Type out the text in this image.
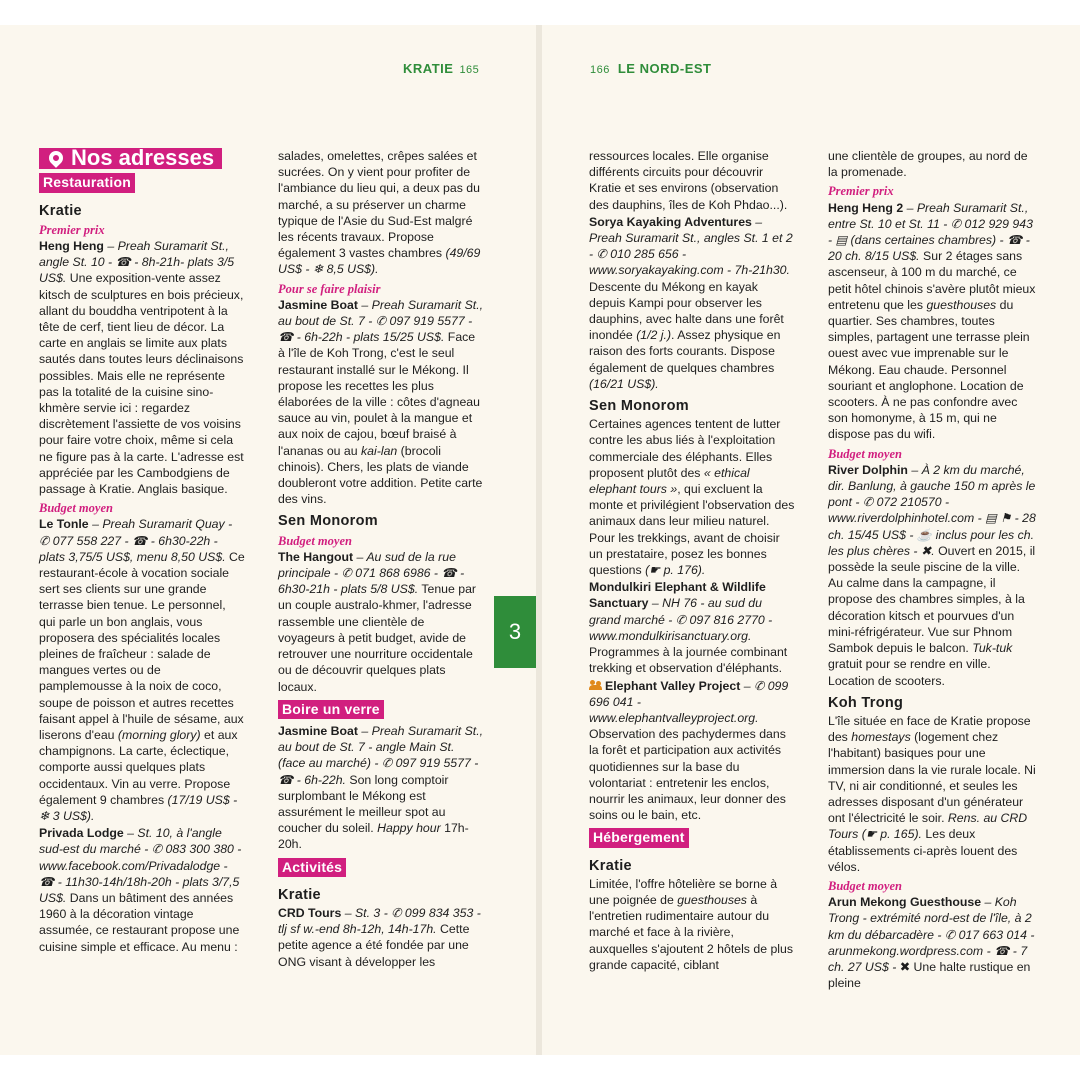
KRATIE 165	166 LE NORD-EST
3
Nos adresses
Restauration
Kratie
Premier prix

Heng Heng – Preah Suramarit St., angle St. 10 - ☎ - 8h-21h- plats 3/5 US$. Une exposition-vente assez kitsch de sculptures en bois précieux, allant du bouddha ventripotent à la tête de cerf, tient lieu de décor. La carte en anglais se limite aux plats sautés dans toutes leurs déclinaisons possibles. Mais elle ne représente pas la totalité de la cuisine sino-khmère servie ici : regardez discrètement l'assiette de vos voisins pour faire votre choix, même si cela ne figure pas à la carte. L'adresse est appréciée par les Cambodgiens de passage à Kratie. Anglais basique.

Budget moyen

Le Tonle – Preah Suramarit Quay - ✆ 077 558 227 - ☎ - 6h30-22h - plats 3,75/5 US$, menu 8,50 US$. Ce restaurant-école à vocation sociale sert ses clients sur une grande terrasse bien tenue. Le personnel, qui parle un bon anglais, vous proposera des spécialités locales pleines de fraîcheur : salade de mangues vertes ou de pamplemousse à la noix de coco, soupe de poisson et autres recettes faisant appel à l'huile de sésame, aux liserons d'eau (morning glory) et aux champignons. La carte, éclectique, comporte aussi quelques plats occidentaux. Vin au verre. Propose également 9 chambres (17/19 US$ - ❄ 3 US$).

Privada Lodge – St. 10, à l'angle sud-est du marché - ✆ 083 300 380 - www.facebook.com/Privadalodge - ☎ - 11h30-14h/18h-20h - plats 3/7,5 US$. Dans un bâtiment des années 1960 à la décoration vintage assumée, ce restaurant propose une cuisine simple et efficace. Au menu :

salades, omelettes, crêpes salées et sucrées. On y vient pour profiter de l'ambiance du lieu qui, a deux pas du marché, a su préserver un charme typique de l'Asie du Sud-Est malgré les récents travaux. Propose également 3 vastes chambres (49/69 US$ - ❄ 8,5 US$).

Pour se faire plaisir

Jasmine Boat – Preah Suramarit St., au bout de St. 7 - ✆ 097 919 5577 - ☎ - 6h-22h - plats 15/25 US$. Face à l'île de Koh Trong, c'est le seul restaurant installé sur le Mékong. Il propose les recettes les plus élaborées de la ville : côtes d'agneau sauce au vin, poulet à la mangue et aux noix de cajou, bœuf braisé à l'ananas ou au kai-lan (brocoli chinois). Chers, les plats de viande doubleront votre addition. Petite carte des vins.

Sen Monorom
Budget moyen

The Hangout – Au sud de la rue principale - ✆ 071 868 6986 - ☎ - 6h30-21h - plats 5/8 US$. Tenue par un couple australo-khmer, l'adresse rassemble une clientèle de voyageurs à petit budget, avide de retrouver une nourriture occidentale ou de découvrir quelques plats locaux.

Boire un verre

Jasmine Boat – Preah Suramarit St., au bout de St. 7 - angle Main St. (face au marché) - ✆ 097 919 5577 - ☎ - 6h-22h. Son long comptoir surplombant le Mékong est assurément le meilleur spot au coucher du soleil. Happy hour 17h-20h.

Activités
Kratie

CRD Tours – St. 3 - ✆ 099 834 353 - tlj sf w.-end 8h-12h, 14h-17h. Cette petite agence a été fondée par une ONG visant à développer les

ressources locales. Elle organise différents circuits pour découvrir Kratie et ses environs (observation des dauphins, îles de Koh Phdao...).

Sorya Kayaking Adventures – Preah Suramarit St., angles St. 1 et 2 - ✆ 010 285 656 - www.soryakayaking.com - 7h-21h30. Descente du Mékong en kayak depuis Kampi pour observer les dauphins, avec halte dans une forêt inondée (1/2 j.). Assez physique en raison des forts courants. Dispose également de quelques chambres (16/21 US$).

Sen Monorom

Certaines agences tentent de lutter contre les abus liés à l'exploitation commerciale des éléphants. Elles proposent plutôt des « ethical elephant tours », qui excluent la monte et privilégient l'observation des animaux dans leur milieu naturel. Pour les trekkings, avant de choisir un prestataire, posez les bonnes questions (☛ p. 176).

Mondulkiri Elephant & Wildlife Sanctuary – NH 76 - au sud du grand marché - ✆ 097 816 2770 - www.mondulkirisanctuary.org. Programmes à la journée combinant trekking et observation d'éléphants.

Elephant Valley Project – ✆ 099 696 041 - www.elephantvalleyproject.org. Observation des pachydermes dans la forêt et participation aux activités quotidiennes sur la base du volontariat : entretenir les enclos, nourrir les animaux, leur donner des soins ou le bain, etc.

Hébergement
Kratie

Limitée, l'offre hôtelière se borne à une poignée de guesthouses à l'entretien rudimentaire autour du marché et face à la rivière, auxquelles s'ajoutent 2 hôtels de plus grande capacité, ciblant

une clientèle de groupes, au nord de la promenade.

Premier prix

Heng Heng 2 – Preah Suramarit St., entre St. 10 et St. 11 - ✆ 012 929 943 - ▤ (dans certaines chambres) - ☎ - 20 ch. 8/15 US$. Sur 2 étages sans ascenseur, à 100 m du marché, ce petit hôtel chinois s'avère plutôt mieux entretenu que les guesthouses du quartier. Ses chambres, toutes simples, partagent une terrasse plein ouest avec vue imprenable sur le Mékong. Eau chaude. Personnel souriant et anglophone. Location de scooters. À ne pas confondre avec son homonyme, à 15 m, qui ne dispose pas du wifi.

Budget moyen

River Dolphin – À 2 km du marché, dir. Banlung, à gauche 150 m après le pont - ✆ 072 210570 - www.riverdolphinhotel.com - ▤ ⚑ - 28 ch. 15/45 US$ - ☕ inclus pour les ch. les plus chères - ✖. Ouvert en 2015, il possède la seule piscine de la ville. Au calme dans la campagne, il propose des chambres simples, à la décoration kitsch et pourvues d'un mini-réfrigérateur. Vue sur Phnom Sambok depuis le balcon. Tuk-tuk gratuit pour se rendre en ville. Location de scooters.

Koh Trong

L'île située en face de Kratie propose des homestays (logement chez l'habitant) basiques pour une immersion dans la vie rurale locale. Ni TV, ni air conditionné, et seules les adresses disposant d'un générateur ont l'électricité le soir. Rens. au CRD Tours (☛ p. 165). Les deux établissements ci-après louent des vélos.

Budget moyen

Arun Mekong Guesthouse – Koh Trong - extrémité nord-est de l'île, à 2 km du débarcadère - ✆ 017 663 014 - arunmekong.wordpress.com - ☎ - 7 ch. 27 US$ - ✖ Une halte rustique en pleine
